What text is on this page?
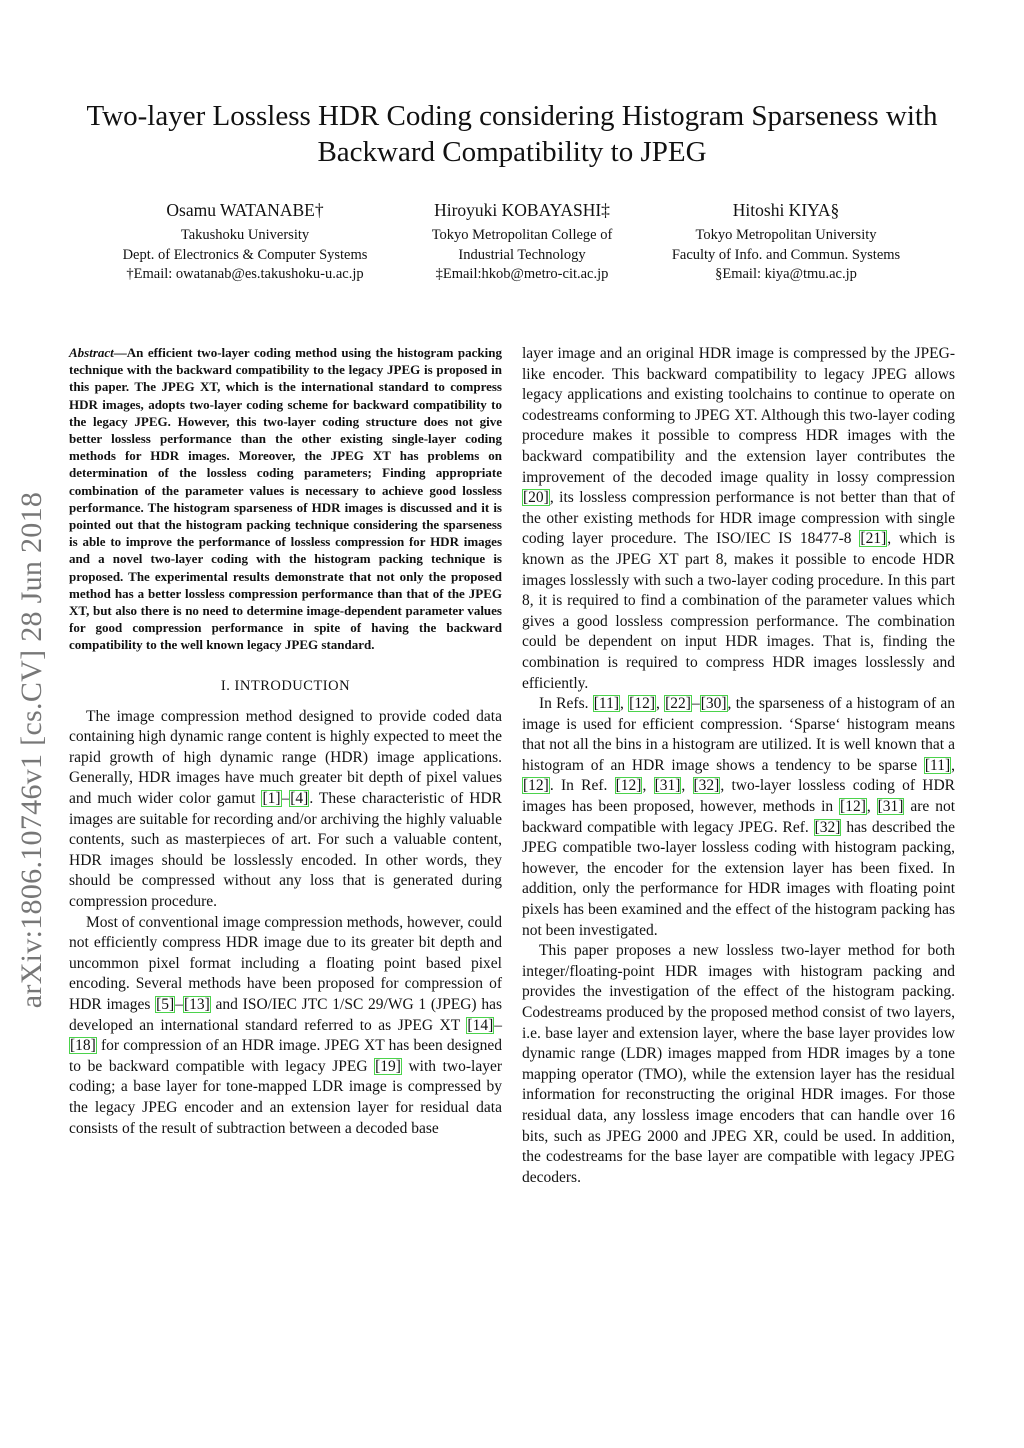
Two-layer Lossless HDR Coding considering Histogram Sparseness with Backward Compatibility to JPEG
Osamu WATANABE†
Takushoku University
Dept. of Electronics & Computer Systems
†Email: owatanab@es.takushoku-u.ac.jp
Hiroyuki KOBAYASHI‡
Tokyo Metropolitan College of
Industrial Technology
‡Email:hkob@metro-cit.ac.jp
Hitoshi KIYA§
Tokyo Metropolitan University
Faculty of Info. and Commun. Systems
§Email: kiya@tmu.ac.jp
arXiv:1806.10746v1 [cs.CV] 28 Jun 2018

Abstract—An efficient two-layer coding method using the histogram packing technique with the backward compatibility to the legacy JPEG is proposed in this paper. The JPEG XT, which is the international standard to compress HDR images, adopts two-layer coding scheme for backward compatibility to the legacy JPEG. However, this two-layer coding structure does not give better lossless performance than the other existing single-layer coding methods for HDR images. Moreover, the JPEG XT has problems on determination of the lossless coding parameters; Finding appropriate combination of the parameter values is necessary to achieve good lossless performance. The histogram sparseness of HDR images is discussed and it is pointed out that the histogram packing technique considering the sparseness is able to improve the performance of lossless compression for HDR images and a novel two-layer coding with the histogram packing technique is proposed. The experimental results demonstrate that not only the proposed method has a better lossless compression performance than that of the JPEG XT, but also there is no need to determine image-dependent parameter values for good compression performance in spite of having the backward compatibility to the well known legacy JPEG standard.

I. INTRODUCTION

The image compression method designed to provide coded data containing high dynamic range content is highly expected to meet the rapid growth of high dynamic range (HDR) image applications. Generally, HDR images have much greater bit depth of pixel values and much wider color gamut [1]–[4]. These characteristic of HDR images are suitable for recording and/or archiving the highly valuable contents, such as masterpieces of art. For such a valuable content, HDR images should be losslessly encoded. In other words, they should be compressed without any loss that is generated during compression procedure.

Most of conventional image compression methods, however, could not efficiently compress HDR image due to its greater bit depth and uncommon pixel format including a floating point based pixel encoding. Several methods have been proposed for compression of HDR images [5]–[13] and ISO/IEC JTC 1/SC 29/WG 1 (JPEG) has developed an international standard referred to as JPEG XT [14]–[18] for compression of an HDR image. JPEG XT has been designed to be backward compatible with legacy JPEG [19] with two-layer coding; a base layer for tone-mapped LDR image is compressed by the legacy JPEG encoder and an extension layer for residual data consists of the result of subtraction between a decoded base

layer image and an original HDR image is compressed by the JPEG-like encoder. This backward compatibility to legacy JPEG allows legacy applications and existing toolchains to continue to operate on codestreams conforming to JPEG XT. Although this two-layer coding procedure makes it possible to compress HDR images with the backward compatibility and the extension layer contributes the improvement of the decoded image quality in lossy compression [20], its lossless compression performance is not better than that of the other existing methods for HDR image compression with single coding layer procedure. The ISO/IEC IS 18477-8 [21], which is known as the JPEG XT part 8, makes it possible to encode HDR images losslessly with such a two-layer coding procedure. In this part 8, it is required to find a combination of the parameter values which gives a good lossless compression performance. The combination could be dependent on input HDR images. That is, finding the combination is required to compress HDR images losslessly and efficiently.

In Refs. [11], [12], [22]–[30], the sparseness of a histogram of an image is used for efficient compression. ‘Sparse‘ histogram means that not all the bins in a histogram are utilized. It is well known that a histogram of an HDR image shows a tendency to be sparse [11], [12]. In Ref. [12], [31], [32], two-layer lossless coding of HDR images has been proposed, however, methods in [12], [31] are not backward compatible with legacy JPEG. Ref. [32] has described the JPEG compatible two-layer lossless coding with histogram packing, however, the encoder for the extension layer has been fixed. In addition, only the performance for HDR images with floating point pixels has been examined and the effect of the histogram packing has not been investigated.

This paper proposes a new lossless two-layer method for both integer/floating-point HDR images with histogram packing and provides the investigation of the effect of the histogram packing. Codestreams produced by the proposed method consist of two layers, i.e. base layer and extension layer, where the base layer provides low dynamic range (LDR) images mapped from HDR images by a tone mapping operator (TMO), while the extension layer has the residual information for reconstructing the original HDR images. For those residual data, any lossless image encoders that can handle over 16 bits, such as JPEG 2000 and JPEG XR, could be used. In addition, the codestreams for the base layer are compatible with legacy JPEG decoders.
